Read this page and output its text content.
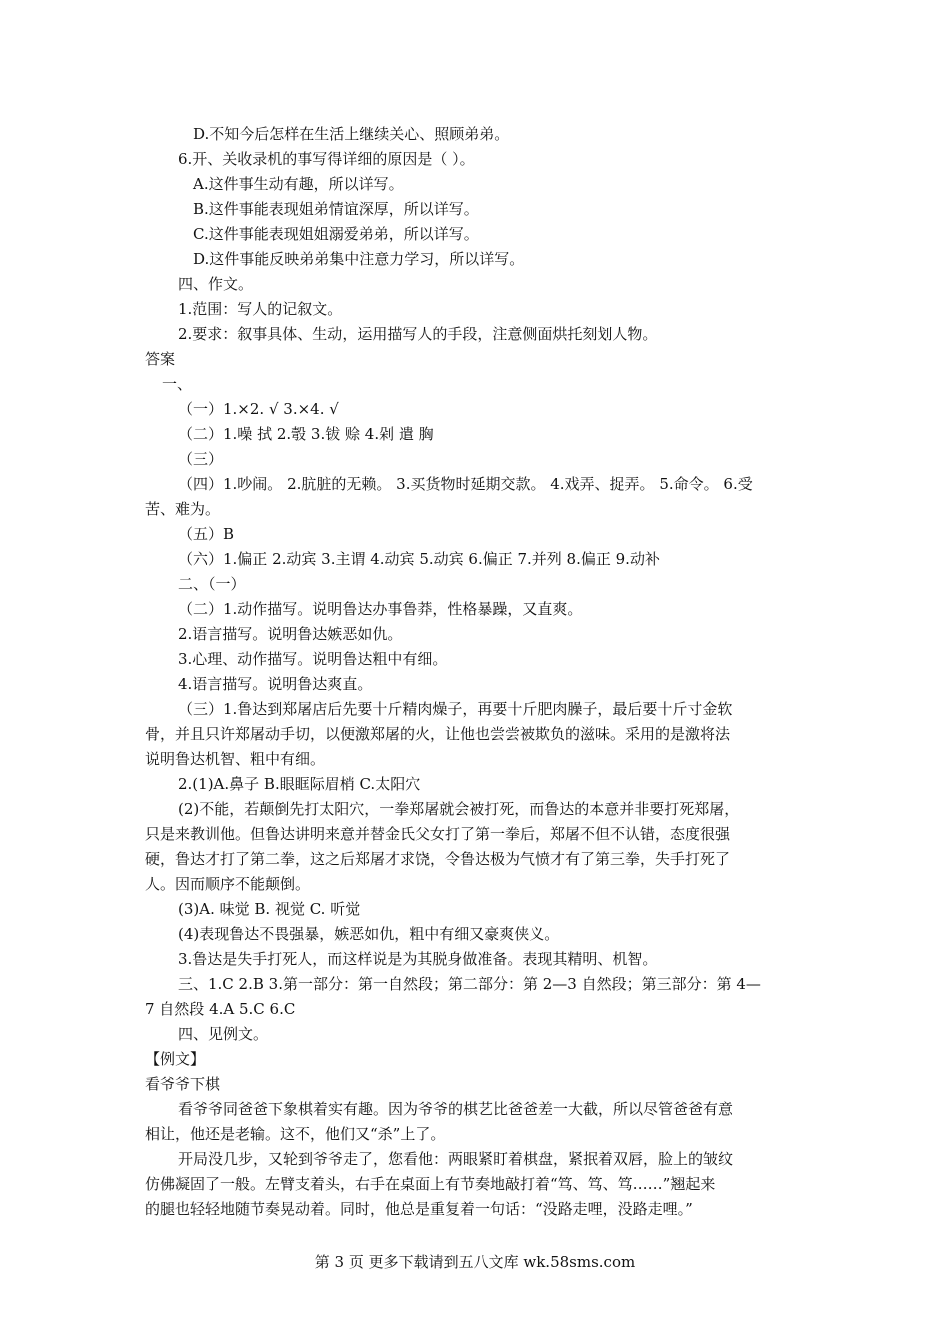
D.不知今后怎样在生活上继续关心、照顾弟弟。
6.开、关收录机的事写得详细的原因是（ ）。
A.这件事生动有趣，所以详写。
B.这件事能表现姐弟情谊深厚，所以详写。
C.这件事能表现姐姐溺爱弟弟，所以详写。
D.这件事能反映弟弟集中注意力学习，所以详写。
四、作文。
1.范围：写人的记叙文。
2.要求：叙事具体、生动，运用描写人的手段，注意侧面烘托刻划人物。
答案
一、
（一）1.×2. √ 3.×4. √
（二）1.噪 拭 2.彀 3.钹 赊 4.剁 遣 胸
（三）
（四）1.吵闹。 2.肮脏的无赖。 3.买货物时延期交款。 4.戏弄、捉弄。 5.命令。 6.受
苦、难为。
（五）B
（六）1.偏正 2.动宾 3.主谓 4.动宾 5.动宾 6.偏正 7.并列 8.偏正 9.动补
二、（一）
（二）1.动作描写。说明鲁达办事鲁莽，性格暴躁，又直爽。
2.语言描写。说明鲁达嫉恶如仇。
3.心理、动作描写。说明鲁达粗中有细。
4.语言描写。说明鲁达爽直。
（三）1.鲁达到郑屠店后先要十斤精肉燥子，再要十斤肥肉臊子，最后要十斤寸金软
骨，并且只许郑屠动手切，以便激郑屠的火，让他也尝尝被欺负的滋味。采用的是激将法
说明鲁达机智、粗中有细。
2.(1)A.鼻子 B.眼眶际眉梢 C.太阳穴
(2)不能，若颠倒先打太阳穴，一拳郑屠就会被打死，而鲁达的本意并非要打死郑屠，
只是来教训他。但鲁达讲明来意并替金氏父女打了第一拳后，郑屠不但不认错，态度很强
硬，鲁达才打了第二拳，这之后郑屠才求饶，令鲁达极为气愤才有了第三拳，失手打死了
人。因而顺序不能颠倒。
(3)A. 味觉 B. 视觉 C. 听觉
(4)表现鲁达不畏强暴，嫉恶如仇，粗中有细又豪爽侠义。
3.鲁达是失手打死人，而这样说是为其脱身做准备。表现其精明、机智。
三、1.C 2.B 3.第一部分：第一自然段；第二部分：第 2—3 自然段；第三部分：第 4—
7 自然段 4.A 5.C 6.C
四、见例文。
【例文】
看爷爷下棋
看爷爷同爸爸下象棋着实有趣。因为爷爷的棋艺比爸爸差一大截，所以尽管爸爸有意
相让，他还是老输。这不，他们又“杀”上了。
开局没几步，又轮到爷爷走了，您看他：两眼紧盯着棋盘，紧抿着双唇，脸上的皱纹
仿佛凝固了一般。左臂支着头，右手在桌面上有节奏地敲打着“笃、笃、笃……”翘起来
的腿也轻轻地随节奏晃动着。同时，他总是重复着一句话：“没路走哩，没路走哩。”
第 3 页 更多下载请到五八文库 wk.58sms.com
